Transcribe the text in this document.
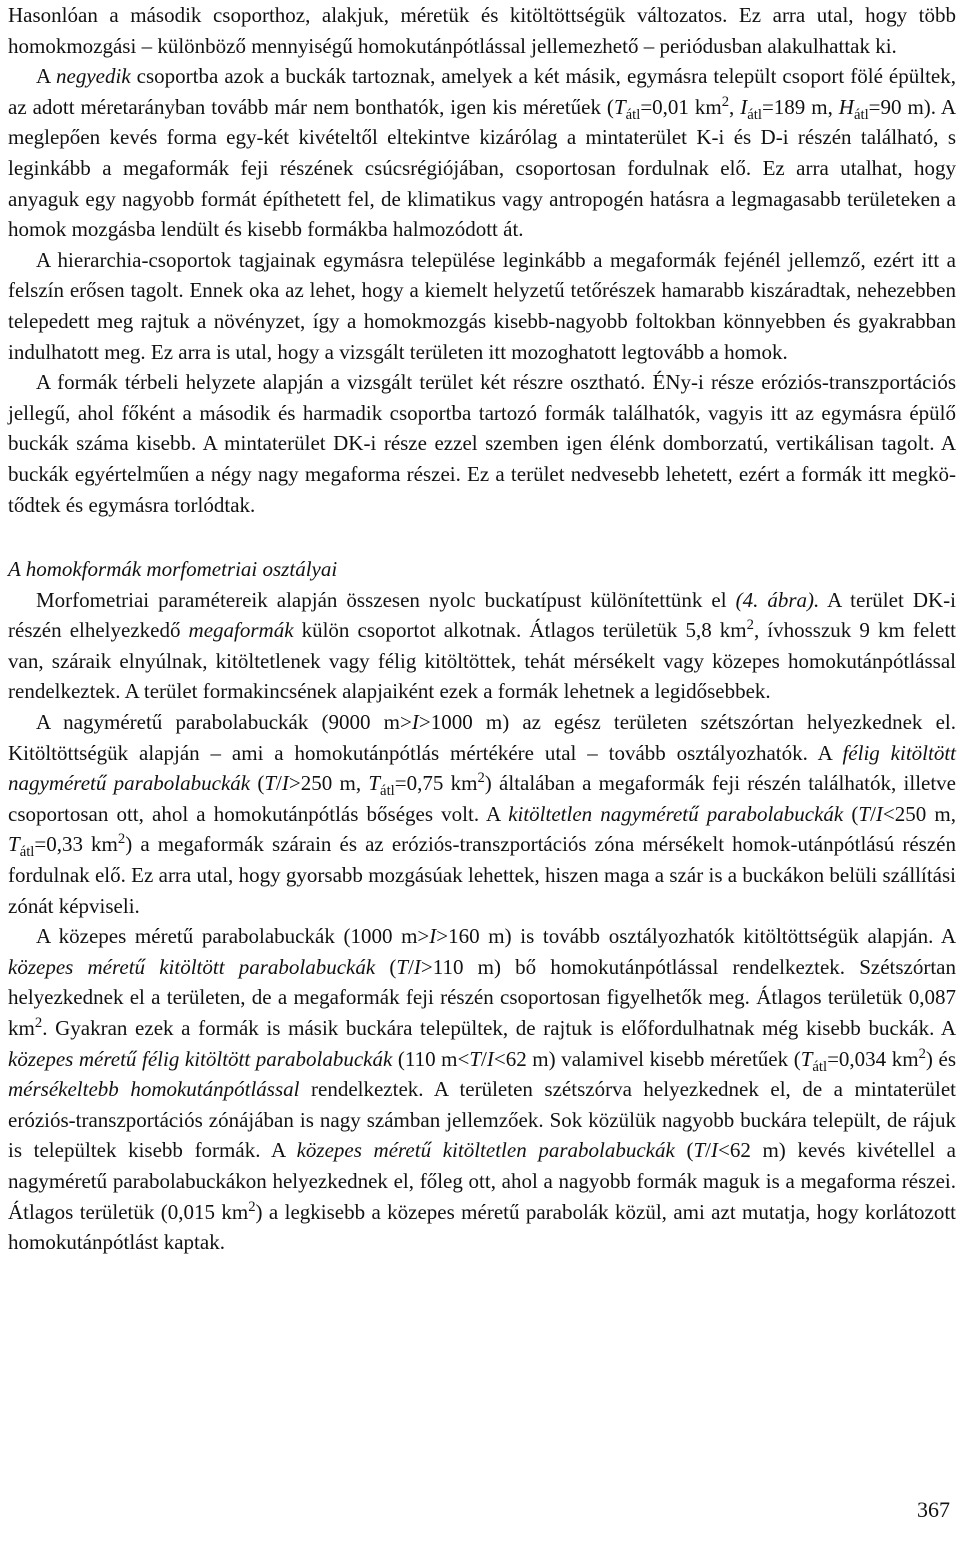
Hasonlóan a második csoporthoz, alakjuk, méretük és kitöltöttségük változatos. Ez arra utal, hogy több homokmozgási – különböző mennyiségű homokutánpótlással jellemezhető – periódusban alakulhattak ki.

A negyedik csoportba azok a buckák tartoznak, amelyek a két másik, egymásra települt csoport fölé épültek, az adott méretarányban tovább már nem bonthatók, igen kis méretűek ($T_{átl}=0,01$ $km^2$, $I_{átl}=189$ m, $H_{átl}=90$ m). A meglepően kevés forma egy-két kivételtől eltekintve kizárólag a mintaterület K-i és D-i részén található, s leginkább a megaformák feji részének csúcsrégiójában, csoportosan fordulnak elő. Ez arra utalhat, hogy anyaguk egy nagyobb formát építhetett fel, de klimatikus vagy antropogén hatásra a legmagasabb területeken a homok mozgásba lendült és kisebb formákba halmozódott át.

A hierarchia-csoportok tagjainak egymásra települése leginkább a megaformák fejénél jellemző, ezért itt a felszín erősen tagolt. Ennek oka az lehet, hogy a kiemelt helyzetű tetőrészek hamarabb kiszáradtak, nehezebben telepedett meg rajtuk a növényzet, így a homokmozgás kisebb-nagyobb foltokban könnyebben és gyakrabban indulhatott meg. Ez arra is utal, hogy a vizsgált területen itt mozoghatott legtovább a homok.

A formák térbeli helyzete alapján a vizsgált terület két részre osztható. ÉNy-i része eróziós-transzportációs jellegű, ahol főként a második és harmadik csoportba tartozó formák találhatók, vagyis itt az egymásra épülő buckák száma kisebb. A mintaterület DK-i része ezzel szemben igen élénk domborzatú, vertikálisan tagolt. A buckák egyértelműen a négy nagy megaforma részei. Ez a terület nedvesebb lehetett, ezért a formák itt megkötődtek és egymásra torlódtak.

A homokformák morfometriai osztályai

Morfometriai paramétereik alapján összesen nyolc buckatípust különítettünk el (4. ábra). A terület DK-i részén elhelyezkedő megaformák külön csoportot alkotnak. Átlagos területük 5,8 $km^2$, ívhosszuk 9 km felett van, száraik elnyúlnak, kitöltetlenek vagy félig kitöltöttek, tehát mérsékelt vagy közepes homokutánpótlással rendelkeztek. A terület formakincsének alapjaiként ezek a formák lehetnek a legidősebbek.

A nagyméretű parabolabuckák (9000 m>I>1000 m) az egész területen szétszórtan helyezkednek el. Kitöltöttségük alapján – ami a homokutánpótlás mértékére utal – tovább osztályozhatók. A félig kitöltött nagyméretű parabolabuckák (T/I>250 m, $T_{átl}=0,75$ $km^2$) általában a megaformák feji részén találhatók, illetve csoportosan ott, ahol a homokutánpótlás bőséges volt. A kitöltetlen nagyméretű parabolabuckák (T/I<250 m, $T_{átl}=0,33$ $km^2$) a megaformák szárain és az eróziós-transzportációs zóna mérsékelt homok-utánpótlású részén fordulnak elő. Ez arra utal, hogy gyorsabb mozgásúak lehettek, hiszen maga a szár is a buckákon belüli szállítási zónát képviseli.

A közepes méretű parabolabuckák (1000 m>I>160 m) is tovább osztályozhatók kitöltöttségük alapján. A közepes méretű kitöltött parabolabuckák (T/I>110 m) bő homokutánpótlással rendelkeztek. Szétszórtan helyezkednek el a területen, de a megaformák feji részén csoportosan figyelhetők meg. Átlagos területük 0,087 $km^2$. Gyakran ezek a formák is másik buckára települtek, de rajtuk is előfordulhatnak még kisebb buckák. A közepes méretű félig kitöltött parabolabuckák (110 m<T/I<62 m) valamivel kisebb méretűek ($T_{átl}=0,034$ $km^2$) és mérsékeltebb homokutánpótlással rendelkeztek. A területen szétszórva helyezkednek el, de a mintaterület eróziós-transzportációs zónájában is nagy számban jellemzőek. Sok közülük nagyobb buckára települt, de rájuk is települtek kisebb formák. A közepes méretű kitöltetlen parabolabuckák (T/I<62 m) kevés kivétellel a nagyméretű parabolabuckákon helyezkednek el, főleg ott, ahol a nagyobb formák maguk is a megaforma részei. Átlagos területük (0,015 $km^2$) a legkisebb a közepes méretű parabolák közül, ami azt mutatja, hogy korlátozott homokutánpótlást kaptak.

367
